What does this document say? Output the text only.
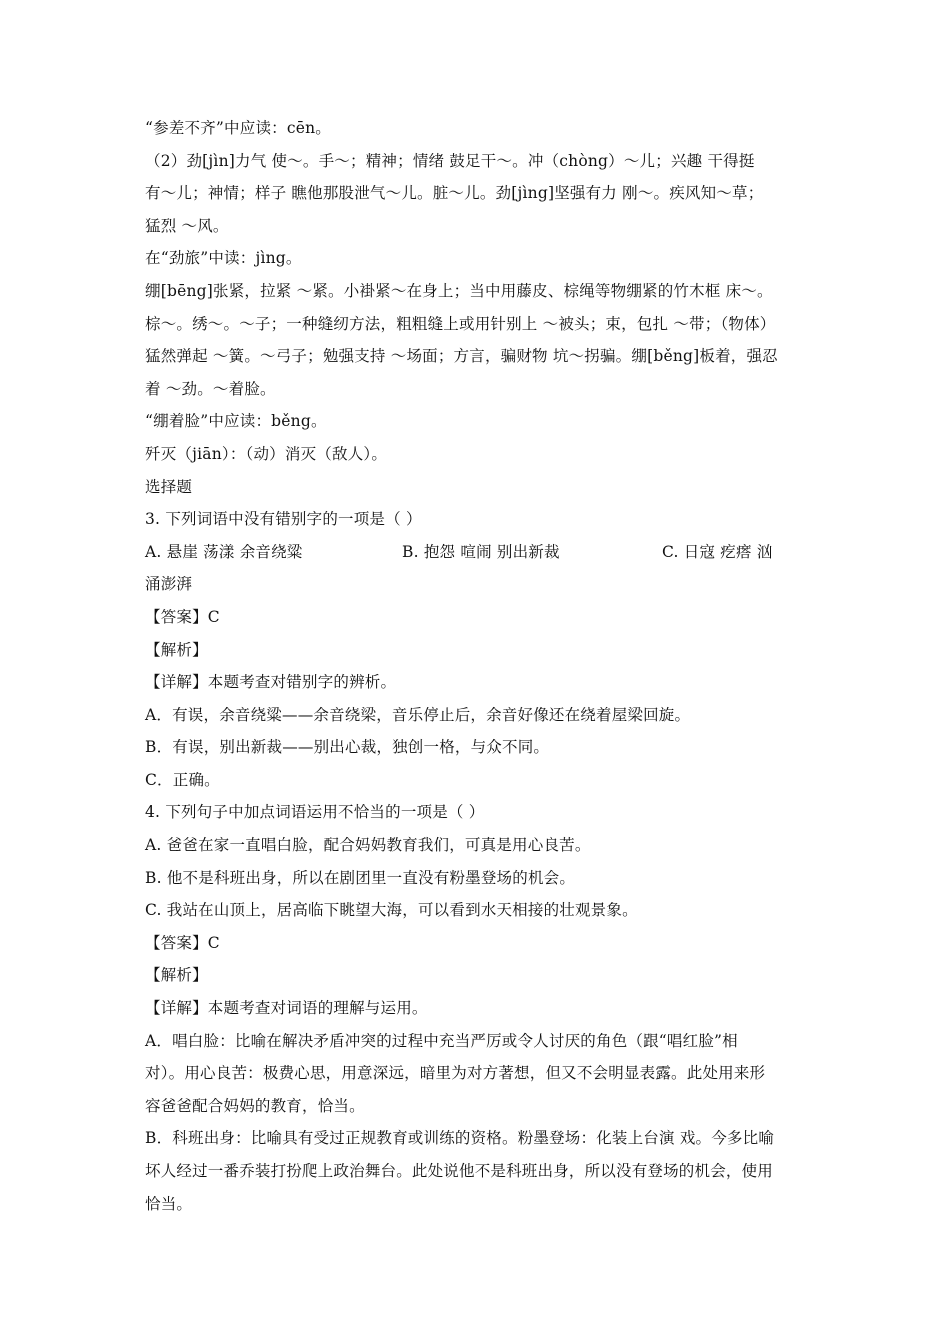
“参差不齐”中应读：cēn。
（2）劲[jìn]力气 使～。手～；精神；情绪 鼓足干～。冲（chòng）～儿；兴趣 干得挺
有～儿；神情；样子 瞧他那股泄气～儿。脏～儿。劲[jìng]坚强有力 刚～。疾风知～草；
猛烈 ～风。
在“劲旅”中读：jìng。
绷[bēng]张紧，拉紧 ～紧。小褂紧～在身上；当中用藤皮、棕绳等物绷紧的竹木框 床～。
棕～。绣～。～子；一种缝纫方法，粗粗缝上或用针别上 ～被头；束，包扎 ～带；（物体）
猛然弹起 ～簧。～弓子；勉强支持 ～场面；方言，骗财物 坑～拐骗。绷[běng]板着，强忍
着 ～劲。～着脸。
“绷着脸”中应读：běng。
歼灭（jiān）：（动）消灭（敌人）。
选择题
3. 下列词语中没有错别字的一项是（ ）
A. 悬崖 荡漾 余音绕粱	B. 抱怨 喧闹 别出新裁	C. 日寇 疙瘩 汹
涌澎湃
【答案】C
【解析】
【详解】本题考查对错别字的辨析。
A．有误，余音绕粱——余音绕梁，音乐停止后，余音好像还在绕着屋梁回旋。
B．有误，别出新裁——别出心裁，独创一格，与众不同。
C．正确。
4. 下列句子中加点词语运用不恰当的一项是（ ）
A. 爸爸在家一直唱白脸，配合妈妈教育我们，可真是用心良苦。
B. 他不是科班出身，所以在剧团里一直没有粉墨登场的机会。
C. 我站在山顶上，居高临下眺望大海，可以看到水天相接的壮观景象。
【答案】C
【解析】
【详解】本题考查对词语的理解与运用。
A．唱白脸：比喻在解决矛盾冲突的过程中充当严厉或令人讨厌的角色（跟“唱红脸”相
对）。用心良苦：极费心思，用意深远，暗里为对方著想，但又不会明显表露。此处用来形
容爸爸配合妈妈的教育，恰当。
B．科班出身：比喻具有受过正规教育或训练的资格。粉墨登场：化装上台演 戏。今多比喻
坏人经过一番乔装打扮爬上政治舞台。此处说他不是科班出身，所以没有登场的机会，使用
恰当。
